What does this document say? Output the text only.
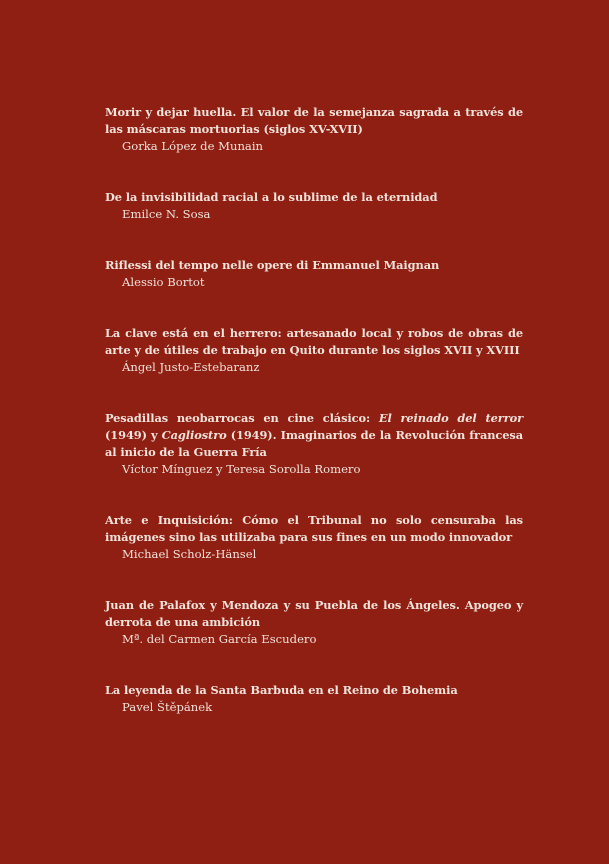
Morir y dejar huella. El valor de la semejanza sagrada a través de las máscaras mortuorias (siglos XV-XVII)
Gorka López de Munain
De la invisibilidad racial a lo sublime de la eternidad
Emilce N. Sosa
Riflessi del tempo nelle opere di Emmanuel Maignan
Alessio Bortot
La clave está en el herrero: artesanado local y robos de obras de arte y de útiles de trabajo en Quito durante los siglos XVII y XVIII
Ángel Justo-Estebaranz
Pesadillas neobarrocas en cine clásico: El reinado del terror (1949) y Cagliostro (1949). Imaginarios de la Revolución francesa al inicio de la Guerra Fría
Víctor Mínguez y Teresa Sorolla Romero
Arte e Inquisición: Cómo el Tribunal no solo censuraba las imágenes sino las utilizaba para sus fines en un modo innovador
Michael Scholz-Hänsel
Juan de Palafox y Mendoza y su Puebla de los Ángeles. Apogeo y derrota de una ambición
Mª. del Carmen García Escudero
La leyenda de la Santa Barbuda en el Reino de Bohemia
Pavel Štěpánek
